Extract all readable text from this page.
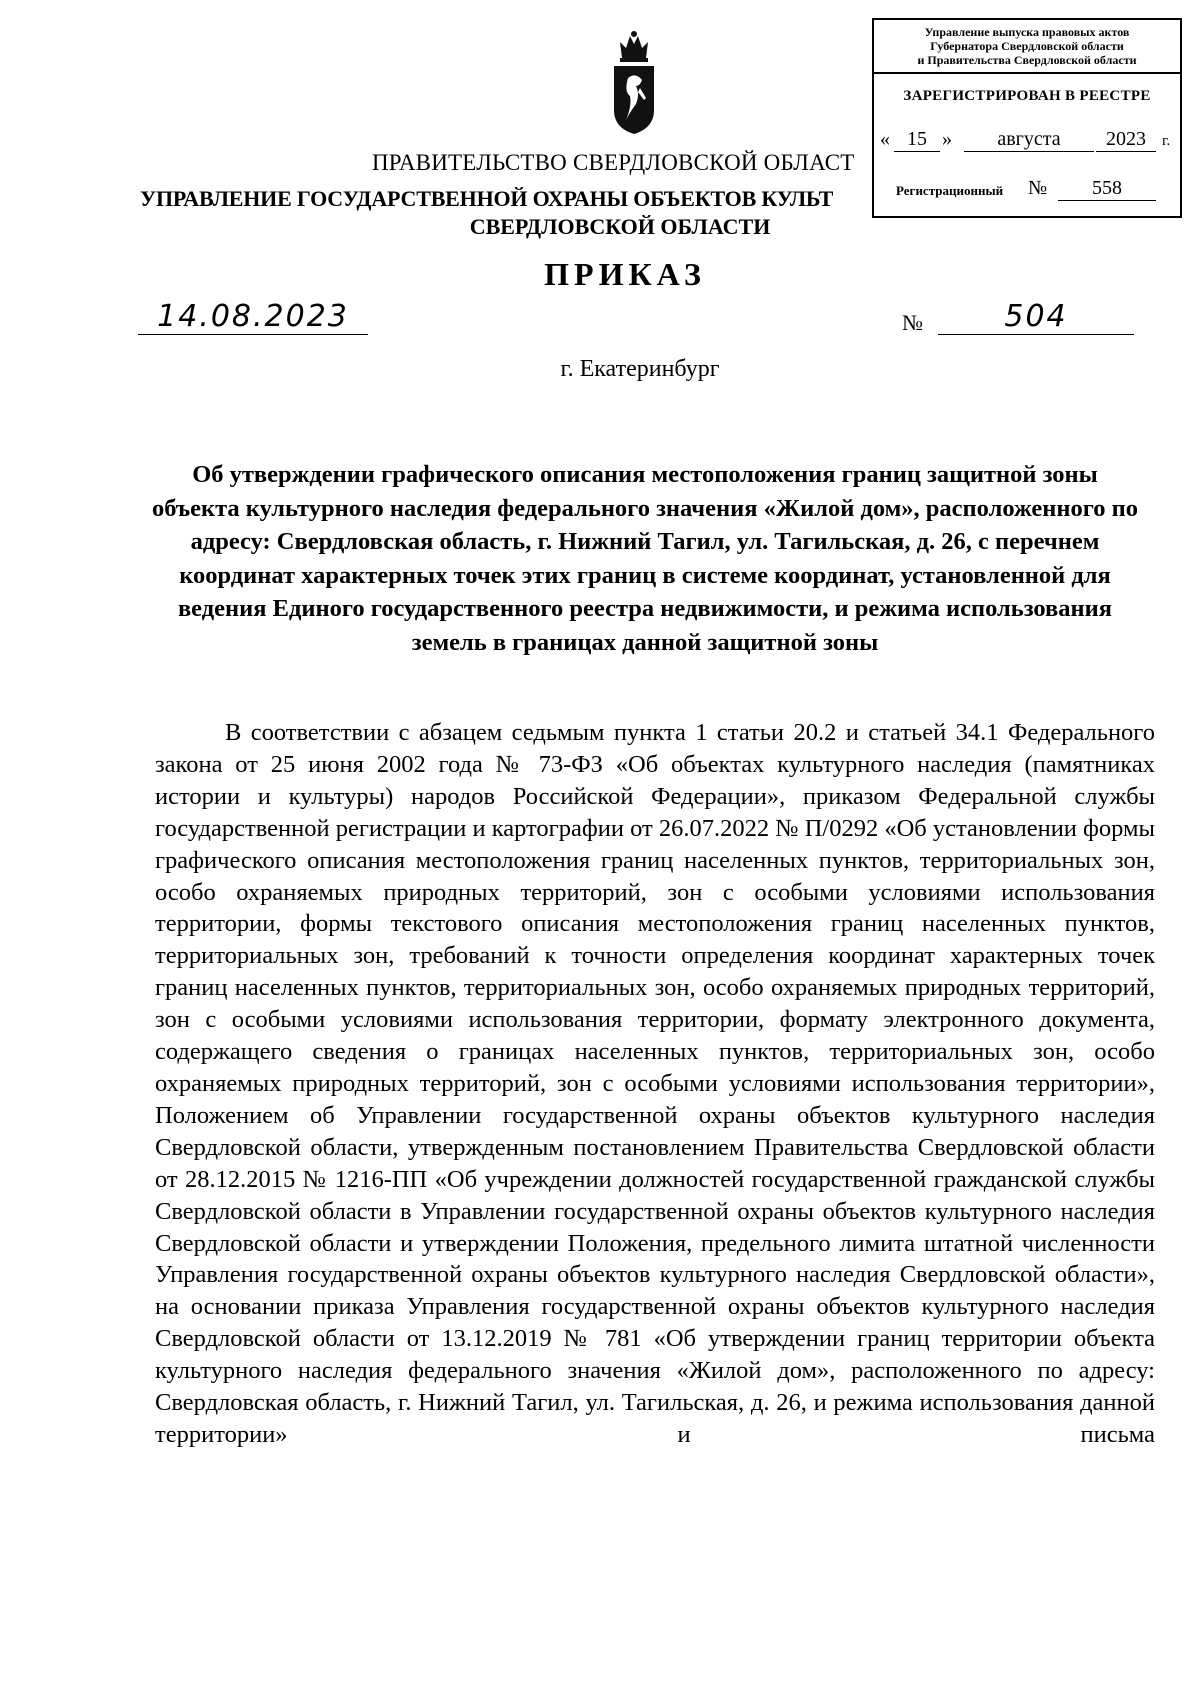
Управление выпуска правовых актов
Губернатора Свердловской области
и Правительства Свердловской области
ЗАРЕГИСТРИРОВАН В РЕЕСТРЕ
« 15 »	августа	2023	г.
Регистрационный №	558
ПРАВИТЕЛЬСТВО СВЕРДЛОВСКОЙ ОБЛАСТ
УПРАВЛЕНИЕ ГОСУДАРСТВЕННОЙ ОХРАНЫ ОБЪЕКТОВ КУЛЬТ
СВЕРДЛОВСКОЙ ОБЛАСТИ
ПРИКАЗ
14.08.2023	№	504
г. Екатеринбург
Об утверждении графического описания местоположения границ защитной зоны объекта культурного наследия федерального значения «Жилой дом», расположенного по адресу: Свердловская область, г. Нижний Тагил, ул. Тагильская, д. 26, с перечнем координат характерных точек этих границ в системе координат, установленной для ведения Единого государственного реестра недвижимости, и режима использования земель в границах данной защитной зоны
В соответствии с абзацем седьмым пункта 1 статьи 20.2 и статьей 34.1 Федерального закона от 25 июня 2002 года № 73-ФЗ «Об объектах культурного наследия (памятниках истории и культуры) народов Российской Федерации», приказом Федеральной службы государственной регистрации и картографии от 26.07.2022 № П/0292 «Об установлении формы графического описания местоположения границ населенных пунктов, территориальных зон, особо охраняемых природных территорий, зон с особыми условиями использования территории, формы текстового описания местоположения границ населенных пунктов, территориальных зон, требований к точности определения координат характерных точек границ населенных пунктов, территориальных зон, особо охраняемых природных территорий, зон с особыми условиями использования территории, формату электронного документа, содержащего сведения о границах населенных пунктов, территориальных зон, особо охраняемых природных территорий, зон с особыми условиями использования территории», Положением об Управлении государственной охраны объектов культурного наследия Свердловской области, утвержденным постановлением Правительства Свердловской области от 28.12.2015 № 1216-ПП «Об учреждении должностей государственной гражданской службы Свердловской области в Управлении государственной охраны объектов культурного наследия Свердловской области и утверждении Положения, предельного лимита штатной численности Управления государственной охраны объектов культурного наследия Свердловской области», на основании приказа Управления государственной охраны объектов культурного наследия Свердловской области от 13.12.2019 № 781 «Об утверждении границ территории объекта культурного наследия федерального значения «Жилой дом», расположенного по адресу: Свердловская область, г. Нижний Тагил, ул. Тагильская, д. 26, и режима использования данной территории» и письма
